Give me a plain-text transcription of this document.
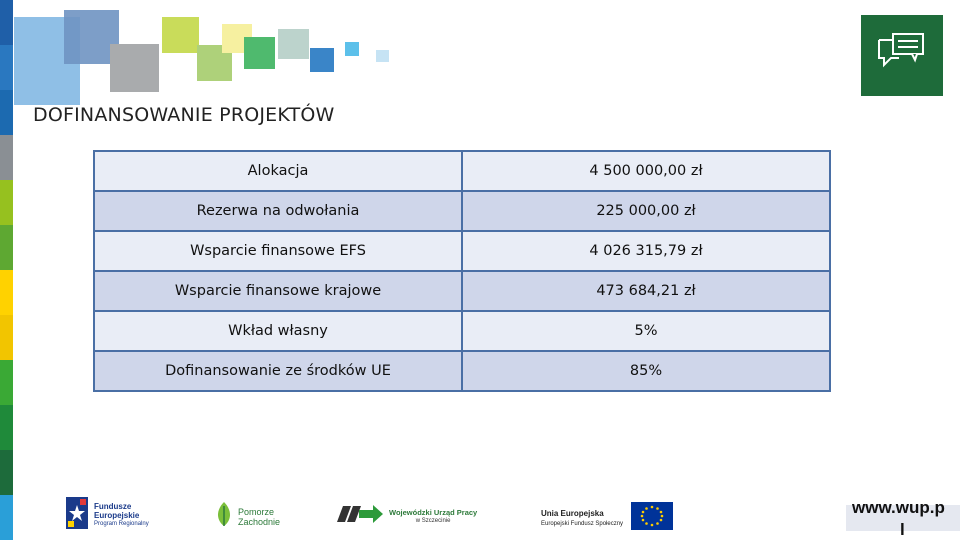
DOFINANSOWANIE PROJEKTÓW
Alokacja	4 500 000,00 zł
Rezerwa na odwołania	225 000,00 zł
Wsparcie finansowe EFS	4 026 315,79 zł
Wsparcie finansowe krajowe	473 684,21 zł
Wkład własny	5%
Dofinansowanie ze środków UE	85%
Fundusze
Europejskie
Program Regionalny
Pomorze
Zachodnie
Wojewódzki Urząd Pracy
w Szczecinie
Unia Europejska
Europejski Fundusz Społeczny
www.wup.p
l
